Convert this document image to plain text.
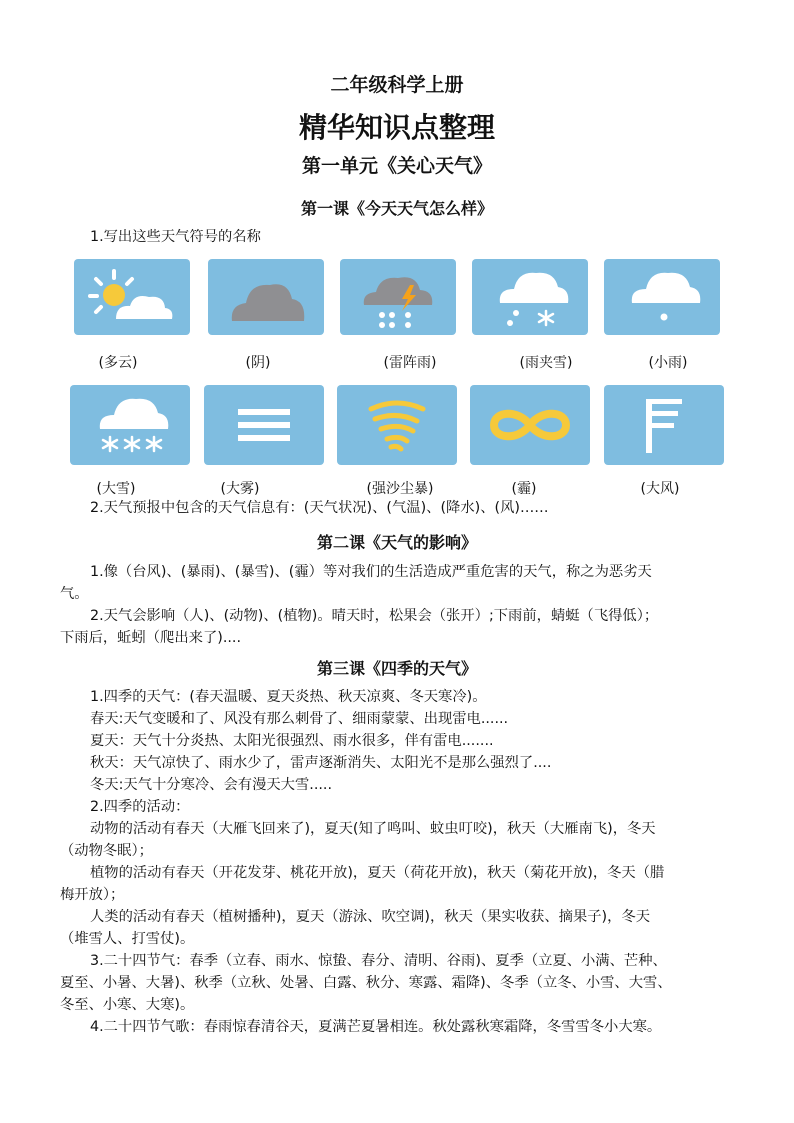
二年级科学上册
精华知识点整理
第一单元《关心天气》
第一课《今天天气怎么样》
1.写出这些天气符号的名称
(多云)	(阴)	(雷阵雨)	(雨夹雪)	(小雨)
(大雪)	(大雾)	(强沙尘暴)	(霾)	(大风)
2.天气预报中包含的天气信息有：(天气状况)、(气温)、(降水)、(风)……
第二课《天气的影响》
1.像（台风)、(暴雨)、(暴雪)、(霾）等对我们的生活造成严重危害的天气，称之为恶劣天
气。
2.天气会影响（人)、(动物)、(植物)。晴天时，松果会（张开）;下雨前，蜻蜓（飞得低）；
下雨后，蚯蚓（爬出来了)....
第三课《四季的天气》
1.四季的天气：(春天温暖、夏天炎热、秋天凉爽、冬天寒冷)。
春天:天气变暖和了、风没有那么刺骨了、细雨蒙蒙、出现雷电......
夏天：天气十分炎热、太阳光很强烈、雨水很多，伴有雷电.......
秋天：天气凉快了、雨水少了，雷声逐渐消失、太阳光不是那么强烈了....
冬天:天气十分寒冷、会有漫天大雪.....
2.四季的活动：
动物的活动有春天（大雁飞回来了)，夏天(知了鸣叫、蚊虫叮咬)，秋天（大雁南飞)，冬天
（动物冬眠）；
植物的活动有春天（开花发芽、桃花开放)，夏天（荷花开放)，秋天（菊花开放)，冬天（腊
梅开放）；
人类的活动有春天（植树播种)，夏天（游泳、吹空调)，秋天（果实收获、摘果子)，冬天
（堆雪人、打雪仗)。
3.二十四节气：春季（立春、雨水、惊蛰、春分、清明、谷雨)、夏季（立夏、小满、芒种、
夏至、小暑、大暑)、秋季（立秋、处暑、白露、秋分、寒露、霜降)、冬季（立冬、小雪、大雪、
冬至、小寒、大寒)。
4.二十四节气歌：春雨惊春清谷天，夏满芒夏暑相连。秋处露秋寒霜降，冬雪雪冬小大寒。
